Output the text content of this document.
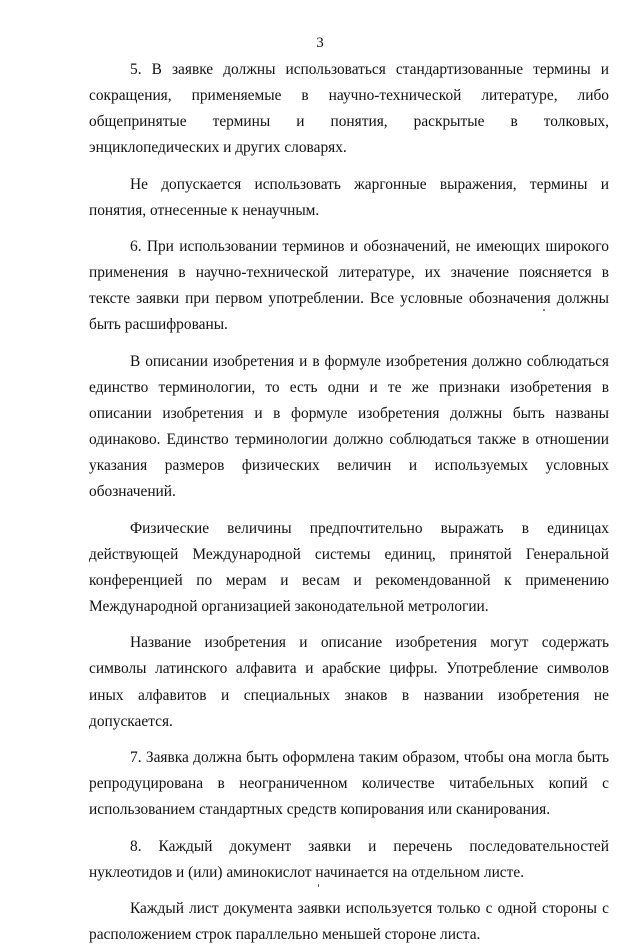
3

5. В заявке должны использоваться стандартизованные термины и сокращения, применяемые в научно-технической литературе, либо общепринятые термины и понятия, раскрытые в толковых, энциклопедических и других словарях.

Не допускается использовать жаргонные выражения, термины и понятия, отнесенные к ненаучным.

6. При использовании терминов и обозначений, не имеющих широкого применения в научно-технической литературе, их значение поясняется в тексте заявки при первом употреблении. Все условные обозначения должны быть расшифрованы.

В описании изобретения и в формуле изобретения должно соблюдаться единство терминологии, то есть одни и те же признаки изобретения в описании изобретения и в формуле изобретения должны быть названы одинаково. Единство терминологии должно соблюдаться также в отношении указания размеров физических величин и используемых условных обозначений.

Физические величины предпочтительно выражать в единицах действующей Международной системы единиц, принятой Генеральной конференцией по мерам и весам и рекомендованной к применению Международной организацией законодательной метрологии.

Название изобретения и описание изобретения могут содержать символы латинского алфавита и арабские цифры. Употребление символов иных алфавитов и специальных знаков в названии изобретения не допускается.

7. Заявка должна быть оформлена таким образом, чтобы она могла быть репродуцирована в неограниченном количестве читабельных копий с использованием стандартных средств копирования или сканирования.

8. Каждый документ заявки и перечень последовательностей нуклеотидов и (или) аминокислот начинается на отдельном листе.

Каждый лист документа заявки используется только с одной стороны с расположением строк параллельно меньшей стороне листа.
